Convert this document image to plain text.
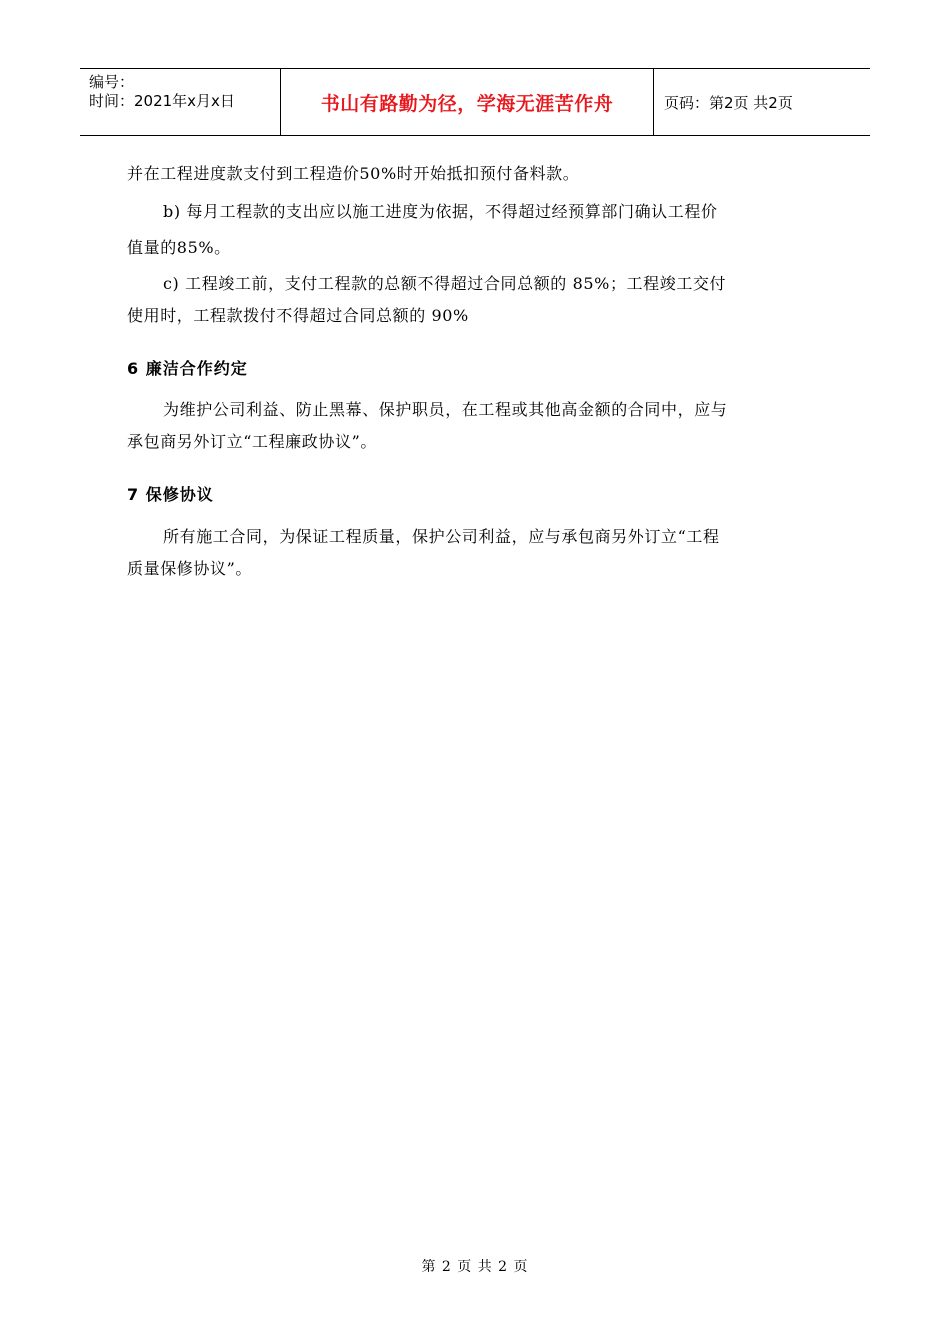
编号：
时间：2021年x月x日	书山有路勤为径，学海无涯苦作舟	页码：第2页 共2页
并在工程进度款支付到工程造价50%时开始抵扣预付备料款。
b) 每月工程款的支出应以施工进度为依据，不得超过经预算部门确认工程价
值量的85%。
c) 工程竣工前，支付工程款的总额不得超过合同总额的 85%；工程竣工交付
使用时，工程款拨付不得超过合同总额的 90%
6 廉洁合作约定
为维护公司利益、防止黑幕、保护职员，在工程或其他高金额的合同中，应与
承包商另外订立“工程廉政协议”。
7 保修协议
所有施工合同，为保证工程质量，保护公司利益，应与承包商另外订立“工程
质量保修协议”。
第 2 页 共 2 页
